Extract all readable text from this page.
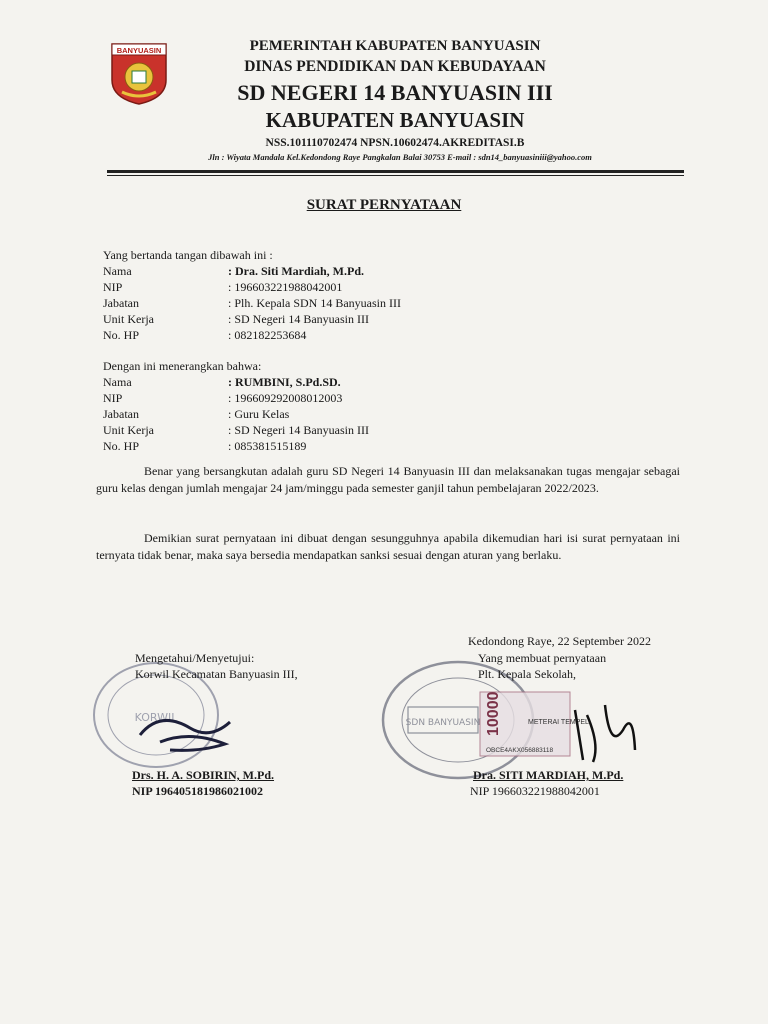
BANYUASIN	PEMERINTAH KABUPATEN BANYUASIN
DINAS PENDIDIKAN DAN KEBUDAYAAN
SD NEGERI 14 BANYUASIN III
KABUPATEN BANYUASIN
NSS.101110702474 NPSN.10602474.AKREDITASI.B
Jln : Wiyata Mandala Kel.Kedondong Raye Pangkalan Balai 30753 E-mail : sdn14_banyuasiniii@yahoo.com
SURAT PERNYATAAN
Yang bertanda tangan dibawah ini :
Nama	: Dra. Siti Mardiah, M.Pd.
NIP	: 196603221988042001
Jabatan	: Plh. Kepala SDN 14 Banyuasin III
Unit Kerja	: SD Negeri 14 Banyuasin III
No. HP	: 082182253684
Dengan ini menerangkan bahwa:
Nama	: RUMBINI, S.Pd.SD.
NIP	: 196609292008012003
Jabatan	: Guru Kelas
Unit Kerja	: SD Negeri 14 Banyuasin III
No. HP	: 085381515189
Benar yang bersangkutan adalah guru SD Negeri 14 Banyuasin III dan melaksanakan tugas mengajar sebagai guru kelas dengan jumlah mengajar 24 jam/minggu pada semester ganjil tahun pembelajaran 2022/2023.
Demikian surat pernyataan ini dibuat dengan sesungguhnya apabila dikemudian hari isi surat pernyataan ini ternyata tidak benar, maka saya bersedia mendapatkan sanksi sesuai dengan aturan yang berlaku.
KORWIL
Mengetahui/Menyetujui:
Korwil Kecamatan Banyuasin III,
Drs. H. A. SOBIRIN, M.Pd.
NIP 196405181986021002
SDN BANYUASIN 10000	METERAI TEMPEL
OBCE4AKX056883118
Kedondong Raye, 22 September 2022
Yang membuat pernyataan
Plt. Kepala Sekolah,
Dra. SITI MARDIAH, M.Pd.
NIP 196603221988042001
